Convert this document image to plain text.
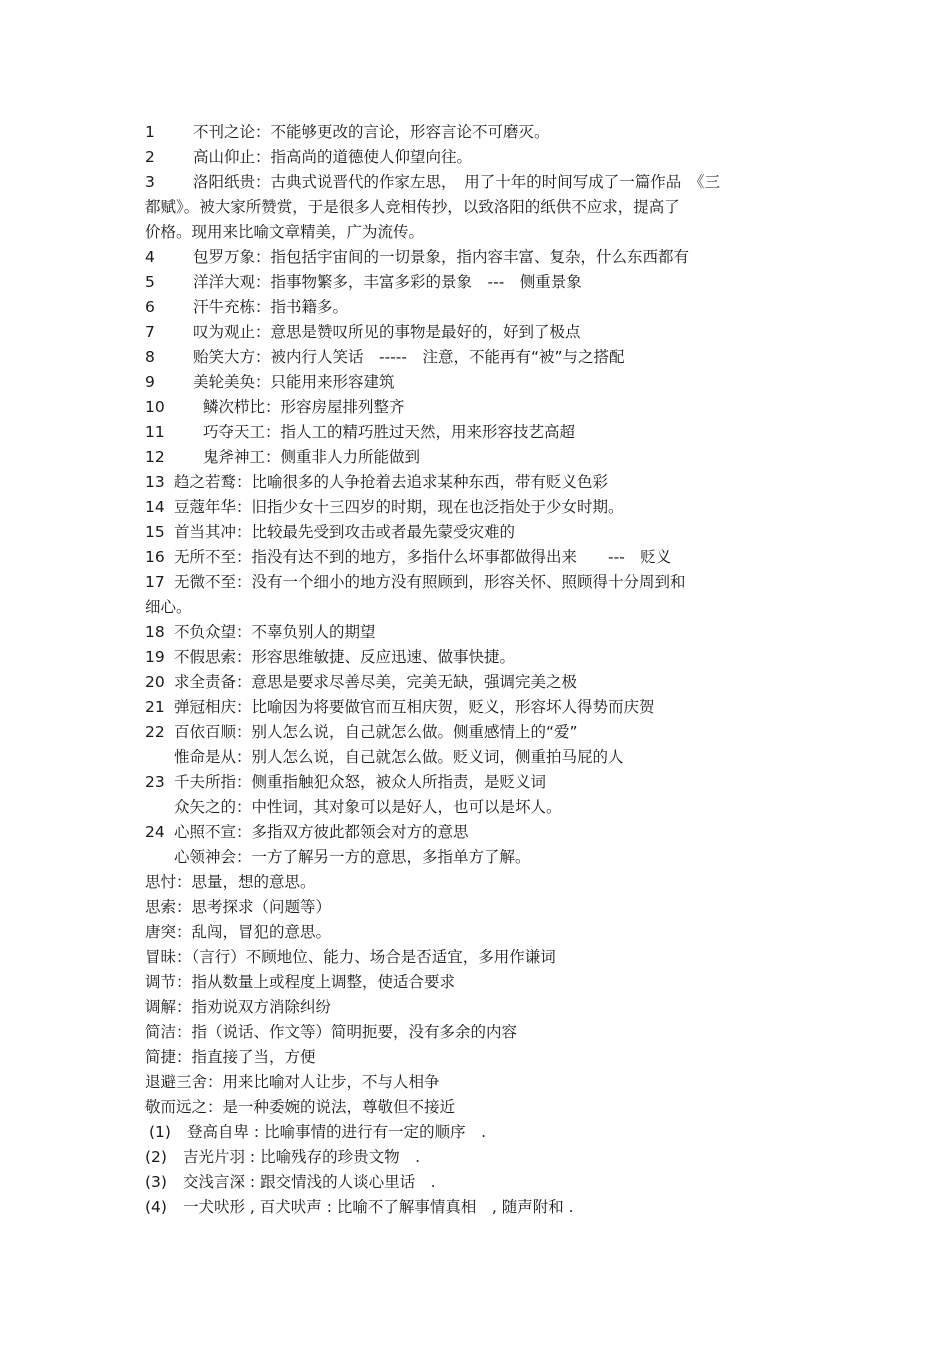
1 不刊之论：不能够更改的言论，形容言论不可磨灭。
2 高山仰止：指高尚的道德使人仰望向往。
3 洛阳纸贵：古典式说晋代的作家左思，　用了十年的时间写成了一篇作品　《三
都赋》。被大家所赞赏，于是很多人竞相传抄，以致洛阳的纸供不应求，提高了
价格。现用来比喻文章精美，广为流传。
4 包罗万象：指包括宇宙间的一切景象，指内容丰富、复杂，什么东西都有
5 洋洋大观：指事物繁多，丰富多彩的景象　---　侧重景象
6 汗牛充栋：指书籍多。
7 叹为观止：意思是赞叹所见的事物是最好的，好到了极点
8 贻笑大方：被内行人笑话　-----　注意，不能再有“被”与之搭配
9 美轮美奂：只能用来形容建筑
10 鳞次栉比：形容房屋排列整齐
11 巧夺天工：指人工的精巧胜过天然，用来形容技艺高超
12 鬼斧神工：侧重非人力所能做到
13 趋之若鹜：比喻很多的人争抢着去追求某种东西，带有贬义色彩
14 豆蔻年华：旧指少女十三四岁的时期，现在也泛指处于少女时期。
15 首当其冲：比较最先受到攻击或者最先蒙受灾难的
16 无所不至：指没有达不到的地方，多指什么坏事都做得出来　　---　贬义
17 无微不至：没有一个细小的地方没有照顾到，形容关怀、照顾得十分周到和
细心。
18 不负众望：不辜负别人的期望
19 不假思索：形容思维敏捷、反应迅速、做事快捷。
20 求全责备：意思是要求尽善尽美，完美无缺，强调完美之极
21 弹冠相庆：比喻因为将要做官而互相庆贺，贬义，形容坏人得势而庆贺
22 百依百顺：别人怎么说，自己就怎么做。侧重感情上的“爱”
惟命是从：别人怎么说，自己就怎么做。贬义词，侧重拍马屁的人
23 千夫所指：侧重指触犯众怒，被众人所指责，是贬义词
众矢之的：中性词，其对象可以是好人，也可以是坏人。
24 心照不宣：多指双方彼此都领会对方的意思
心领神会：一方了解另一方的意思，多指单方了解。
思忖：思量，想的意思。
思索：思考探求（问题等）
唐突：乱闯，冒犯的意思。
冒昧：（言行）不顾地位、能力、场合是否适宜，多用作谦词
调节：指从数量上或程度上调整，使适合要求
调解：指劝说双方消除纠纷
简洁：指（说话、作文等）简明扼要，没有多余的内容
简捷：指直接了当，方便
退避三舍：用来比喻对人让步，不与人相争
敬而远之：是一种委婉的说法，尊敬但不接近
(1) 登高自卑 : 比喻事情的进行有一定的顺序　.
(2) 吉光片羽 : 比喻残存的珍贵文物　.
(3) 交浅言深 : 跟交情浅的人谈心里话　.
(4) 一犬吠形 , 百犬吠声 : 比喻不了解事情真相　, 随声附和 .
